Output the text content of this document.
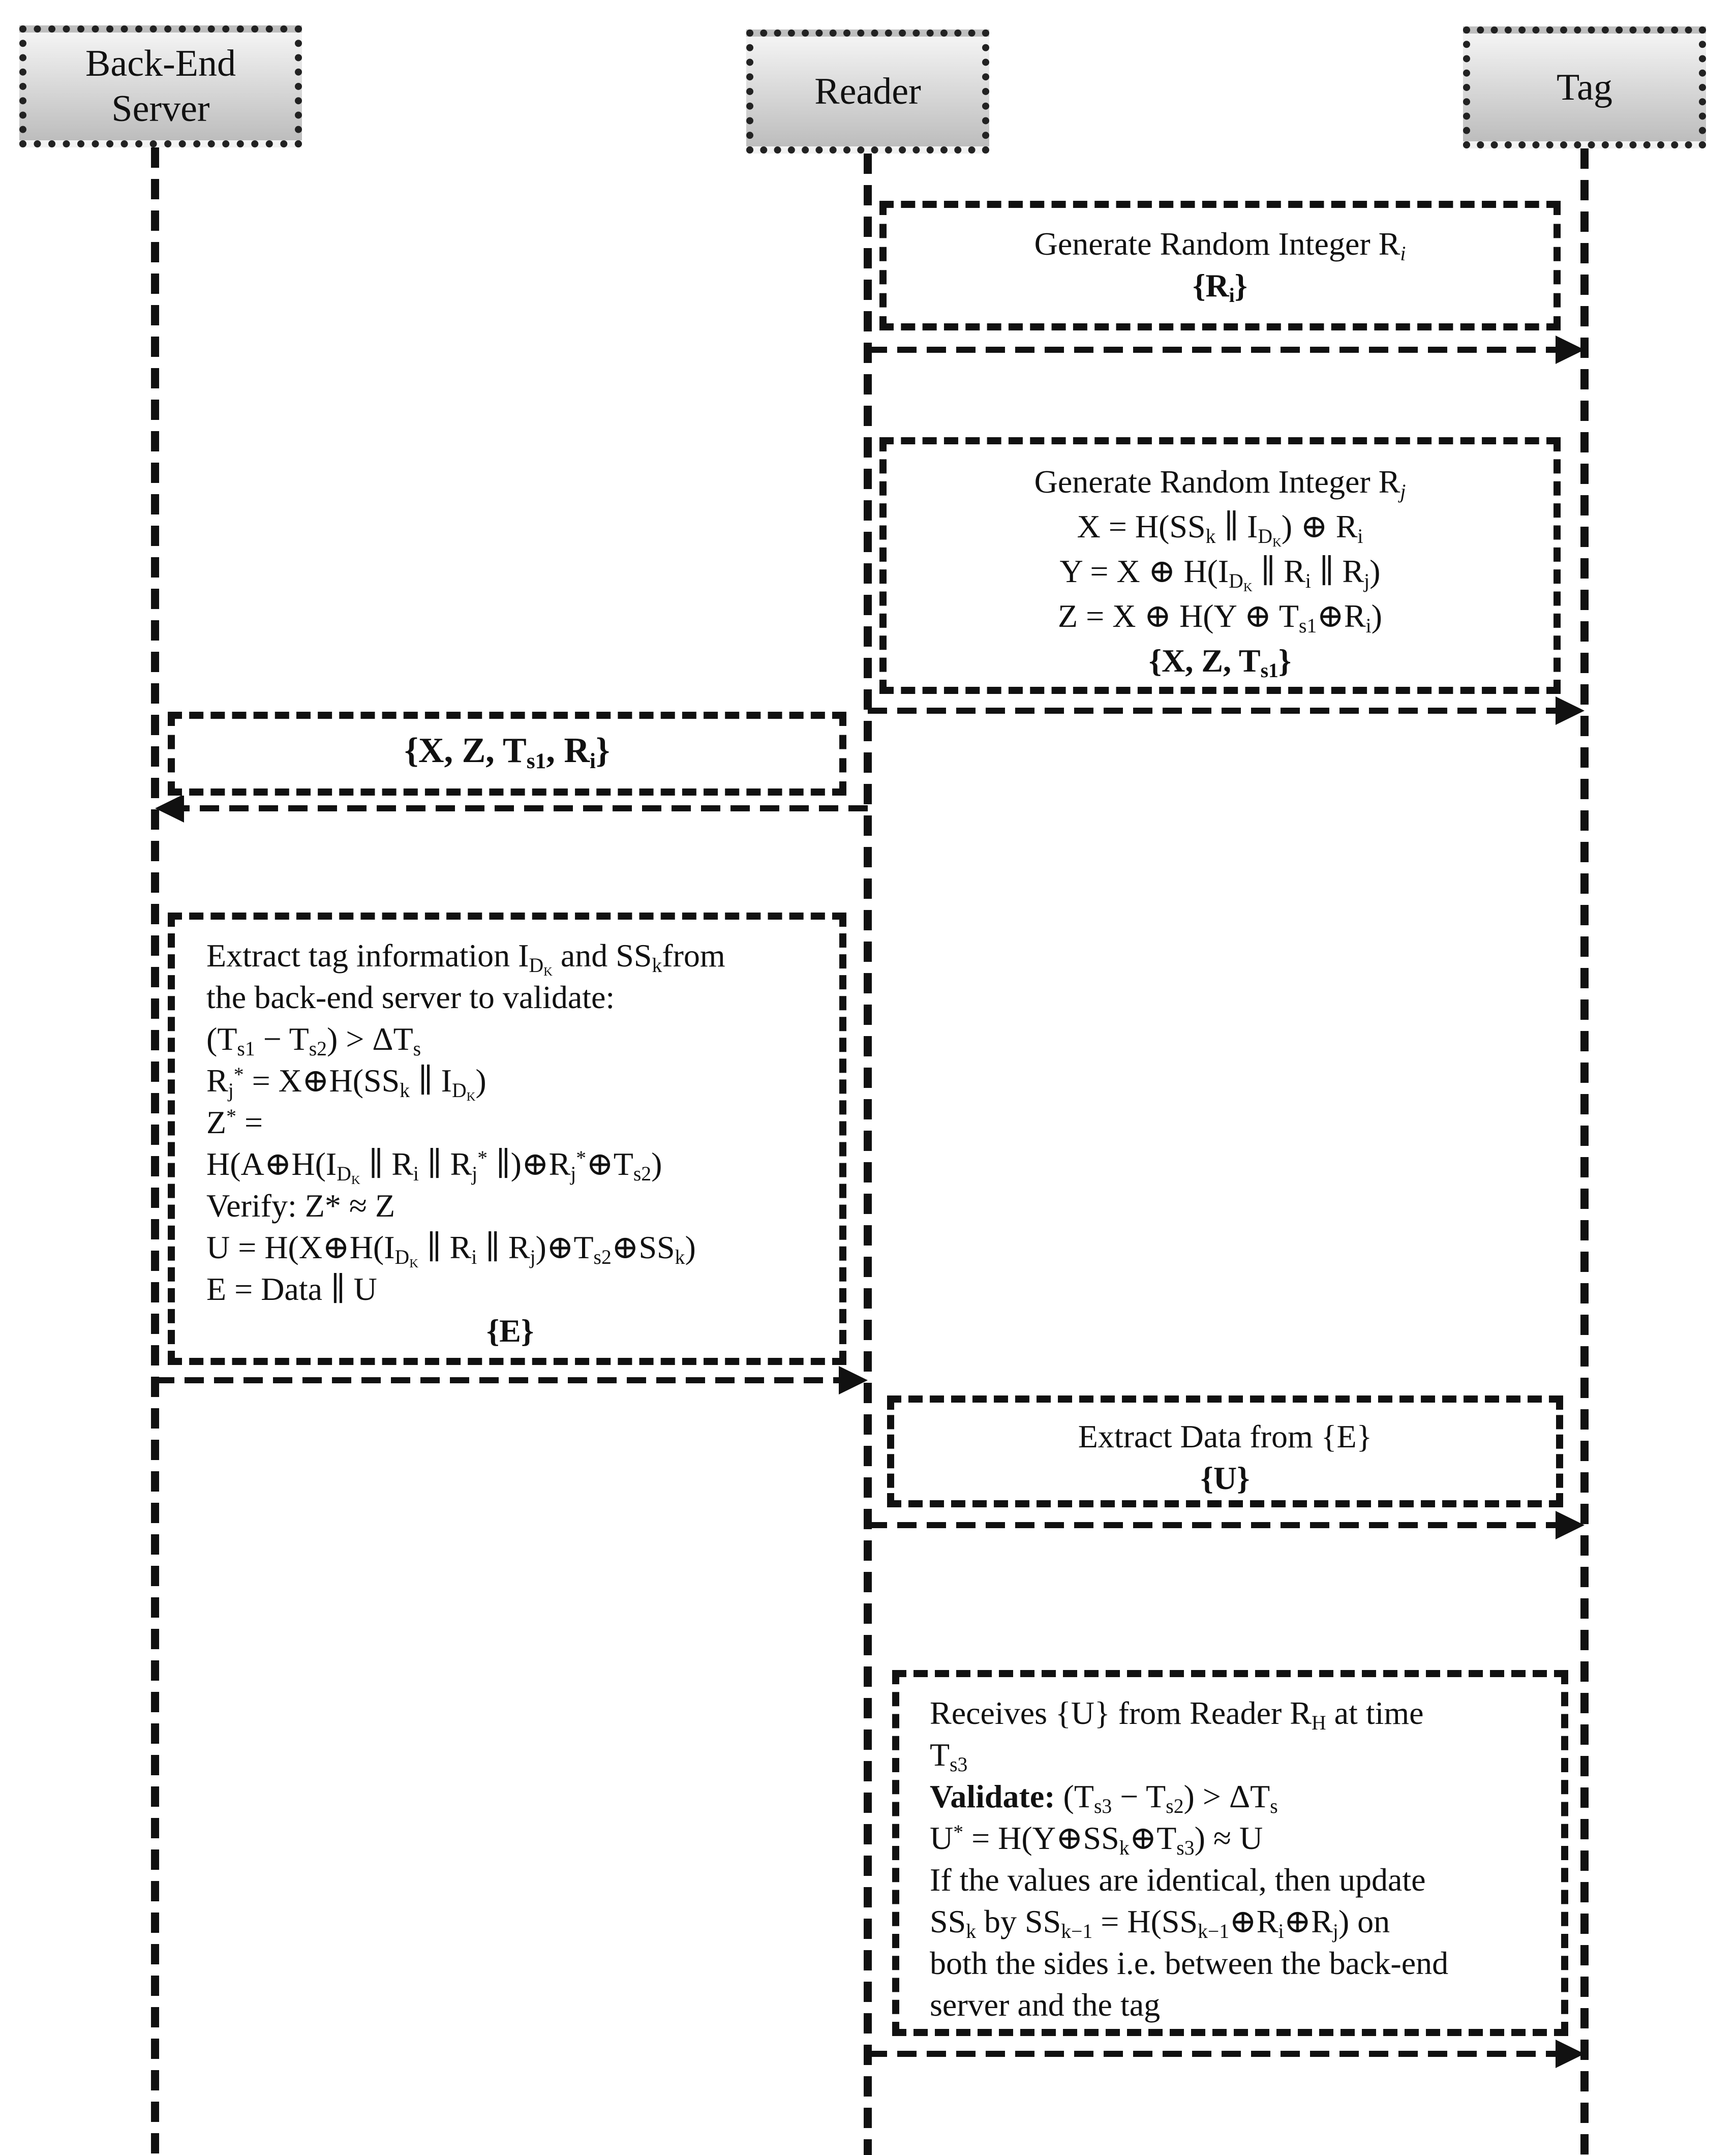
Back-End
Server	Reader	Tag
Generate Random Integer $R_i$
$\{R_i\}$
Generate Random Integer $R_j$
$X = H(SS_k$ ∥ $I_{D_K}$) ⊕ $R_i$
Y = X ⊕ $H(I_{D_K}$ ∥ $R_i$ ∥ $R_j$)
Z = X ⊕ H(Y ⊕ $T_{s1}\oplus R_i$)
{X, Z, $T_{s1}$}
{X, Z, $T_{s1}$, $R_i$}
Extract tag information $I_{D_K}$ and $SS_kfrom$
the back-end server to validate:
$(T_{s1} - T_{s2}) > \Delta T_s$
$R_j^*$ = $X\oplus H(SS_k$ ∥ $I_{D_K}$)
Z* =
$H(A\oplus H(I_{D_K}$ ∥ $R_i$ ∥ $R_j^*$ $\parallel)\oplus R_j^*\oplus T_{s2}$)
Verify: Z* ≈ Z
$U = H(X\oplus H(I_{D_K}$ ∥ $R_i$ ∥ $R_j)\oplus T_{s2}\oplus SS_k$)
E = Data ∥ U
{E}
Extract Data from {E}
{U}
Receives {U} from Reader $R_H$ at time
$T_{s3}$
Validate: $(T_{s3} - T_{s2}) > \Delta T_s$
$U^* = H(Y\oplus SS_k\oplus T_{s3}) \approx U$
If the values are identical, then update
$SS_k$ by $SS_{k-1}$ = $H(SS_{k-1}\oplus R_i\oplus R_j)$ on
both the sides i.e. between the back-end
server and the tag
